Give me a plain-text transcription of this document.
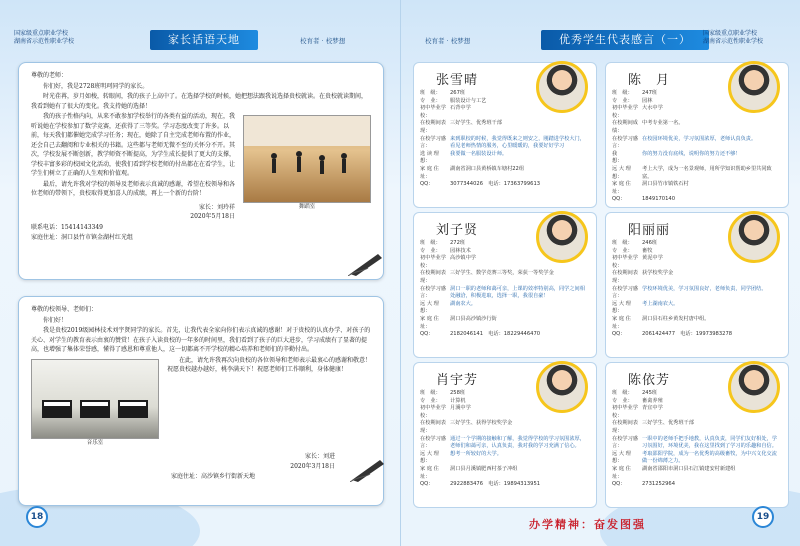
国家级重点职业学校
湖南省示范性职业学校	家长话语天地	校育者 · 校梦想

尊敬的老师：

你们好，我是2728班明珂同学的家长。

时光荏苒，岁月如梭，转眼间，我的孩子上高中了。在选择学校的时候，她把想法跟我说选择贵校就读。在贵校就读期间，我看到她有了很大的变化。我支持她的选择！

舞蹈室

我的孩子性格内向，从来不敢参加学校举行的各类有益的活动，现在，我听说她在学校参加了数学竞赛，还获得了三等奖。学习态度改变了许多。以前，每天我们都催她完成学习任务；现在，她除了自主完成老师布置的作业，还会自己去翻阅和专业相关的书籍。这些都与老师无微不至的关怀分不开。其次，学校发展不断创新，教学师资不断提高，为学生成长提供了更大的支撑，学校丰富多彩的校园文化活动，使我们看到学校老师的付出都在在看学生，让学生们树立了正确的人生观和价值观。

最后，请允许我对学校的领导及老师表示真诚的感谢，希望在校领导和各位老师的带领下，贵校取得更加喜人的成绩，再上一个新的台阶！

家长：刘玲祥
2020年5月18日
联系电话：15414143349
家庭住址：洞口县竹市镇金湖村红光组

尊敬的校领导、老师们：

你们好！

我是贵校2019级园林技术刘宇贤同学的家长。首先，让我代表全家向你们表示真诚的感谢！对于贵校的认真办学、对孩子的关心、对学生的教育表示由衷的赞赏！在孩子入读贵校的一年多的时间里，我们看到了孩子的巨大进步，学习成绩有了显著的提高，也增强了集体荣誉感，懂得了感恩和尊重他人，这一切都离不开学校的精心培养和老师们的辛勤付出。

音乐室

在此，请允许我再次向贵校的各位领导和老师表示最衷心的感谢和敬意！祝愿贵校越办越好，桃李满天下！祝愿老师们工作顺利，身体健康！

家长：刘进
2020年3月18日
家庭住址：高沙镇乡行街新天地
18
校育者 · 校梦想	优秀学生代表感言（一）	国家级重点职业学校
湖南省示范性职业学校
张雪晴
班　级：	267班
专　业：	服装设计与工艺
初中毕业学校：
石背中学
在校期间表现：
三好学生、优秀班干部
在校学习感言：
来到职校的时候，我觉得既来之则安之，刚踏进学校大门，看见老师热情的服务，心里暖暖的，我要好好学习
选 读 理 想：
我要做一名服装设计师。
家 庭 住 址：
湖南省洞口县黄桥镇车塘村22组
QQ：	3077344026　电话：17363799613
陈　月
班　级：	247班
专　业：	园林
初中毕业学校：
大水中学
在校期间成绩：
中考专业第一名。
在校学习感言：
在校园环境优美，学习氛围浓厚，老师认真负责。
我　　　想：
你的努力没有底线，说明你的努力还不够！
远 大 理 想：
考上大学，成为一名景观师，用所学知识帮助乡里共同致富。
家 庭 住 址：
洞口县竹市镇铁石村
QQ：	1849170140
刘子贤
班　级：	272班
专　业：	园林技术
初中毕业学校：
高沙镇中学
在校期间表现：
三好学生、数学竞赛三等奖，荣获一等奖学金
在校学习感言：
洞口一职的老师和蔼可亲，上课的效率特别高，同学之间相处融洽，积极进取，选择一职，我很自豪！
远 大 理 想：
湖南农大。
家 庭 住 址：
洞口县高沙镇沙行街
QQ：	2182046141　电话：18229446470
阳丽丽
班　级：	246班
专　业：	畜牧
初中毕业学校：
黄泥中学
在校期间表现：
获学校奖学金
在校学习感言：
学校环境优美，学习氛围良好，老师负责，同学团结。
远 大 理 想：
考上湖南农大。
家 庭 住 址：
洞口县石柱乡黄发村唐中组。
QQ：	2061424477　电话：19973983278
肖宇芳
班　级：	258班
专　业：	计算机
初中毕业学校：
月溪中学
在校期间表现：
三好学生、获得学校奖学金
在校学习感言：
通过一个学期的接触和了解，我觉得学校的学习氛围浓厚，老师们和蔼可亲，认真负责，我对我的学习充满了信心。
远 大 理 想：
想考一所较好的大学。
家 庭 住 址：
洞口县月溪镇肥西村茶子冲组
QQ：	2922883476　电话：19894313951
陈依芳
班　级：	245班
专　业：	畜禽养殖
初中毕业学校：
青宜中学
在校期间表现：
三好学生、优秀班干部
在校学习感言：
一职中的老师手把手地教，认真负责，同学们友好相处，学习氛围好，环境优美，我在这里找到了学习的乐趣和自信。
远 大 理 想：
考取邵阳学院，成为一名优秀的高级畜牧，为中兴文化交流做一份绵薄之力。
家 庭 住 址：
湖南省邵阳市洞口县石江镇建安村新建组
QQ：	2731252964
办学精神：奋发图强
19
